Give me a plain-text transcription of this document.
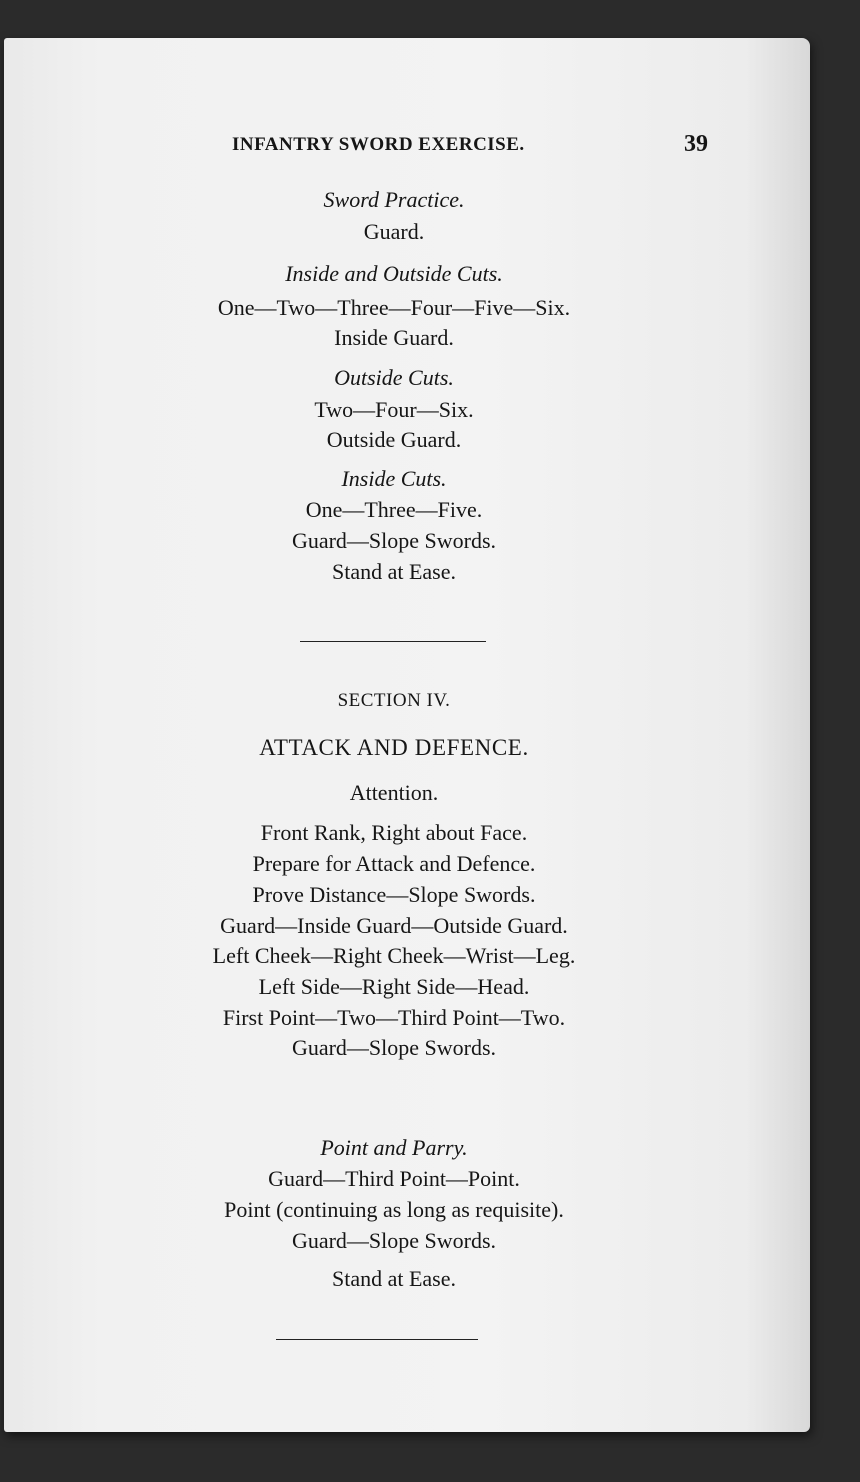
INFANTRY SWORD EXERCISE.	39
Sword Practice.
Guard.
Inside and Outside Cuts.
One—Two—Three—Four—Five—Six.
Inside Guard.
Outside Cuts.
Two—Four—Six.
Outside Guard.
Inside Cuts.
One—Three—Five.
Guard—Slope Swords.
Stand at Ease.
SECTION IV.
ATTACK AND DEFENCE.
Attention.
Front Rank, Right about Face.
Prepare for Attack and Defence.
Prove Distance—Slope Swords.
Guard—Inside Guard—Outside Guard.
Left Cheek—Right Cheek—Wrist—Leg.
Left Side—Right Side—Head.
First Point—Two—Third Point—Two.
Guard—Slope Swords.
Point and Parry.
Guard—Third Point—Point.
Point (continuing as long as requisite).
Guard—Slope Swords.
Stand at Ease.
